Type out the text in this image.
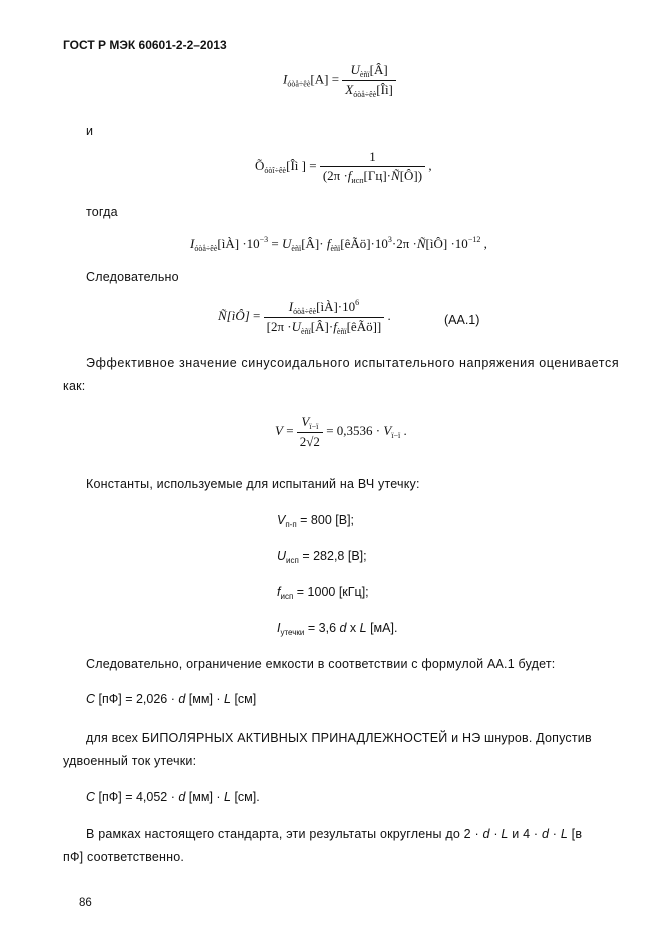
ГОСТ Р МЭК 60601-2-2–2013
$I_{óòå\div êè}[A] = \frac{U_{èñï}[Â]}{X_{óòå\div êè}[Îì]}$
и
$Õ_{óòî\div êè}[Îì$ ] = $\frac{1}{(2\pi \cdot f_{исп}[Гц]\cdot Ñ[Ô])}$ ,
тогда
$I_{óòå\div êè}[ìÀ] \cdot 10^{-3}$ = $U_{èñï}[Â]\cdot$ $f_{èñï}[êÃö]\cdot 10^3\cdot 2\pi$ ·Ñ[ìÔ] $\cdot 10^{-12}$ ,
Следовательно
Ñ[ìÔ] = $\frac{I_{óòå\div êè}[ìÀ]\cdot 10^6}{[2\pi \cdot U_{èñï}[Â]\cdot f_{èñï}[êÃö]]}$ .	(AA.1)
Эффективное значение синусоидального испытательного напряжения оценивается
как:
$V = \frac{V_{ï-ï}}{2√2} = 0,3536 \cdot V_{ï-ï}$ .
Константы, используемые для испытаний на ВЧ утечку:
$V_{п-п} = 800$ [В];
$U_{исп} = 282,8$ [В];
$f_{исп} = 1000$ [кГц];
$I_{утечки} = 3,6$ d x L [мА].
Следовательно, ограничение емкости в соответствии с формулой АА.1 будет:
C [пФ] = 2,026 · d [мм] · L [см]
для всех БИПОЛЯРНЫХ АКТИВНЫХ ПРИНАДЛЕЖНОСТЕЙ и НЭ шнуров. Допустив
удвоенный ток утечки:
C [пФ] = 4,052 · d [мм] · L [см].
В рамках настоящего стандарта, эти результаты округлены до 2 · d · L и 4 · d · L [в
пФ] соответственно.
86
